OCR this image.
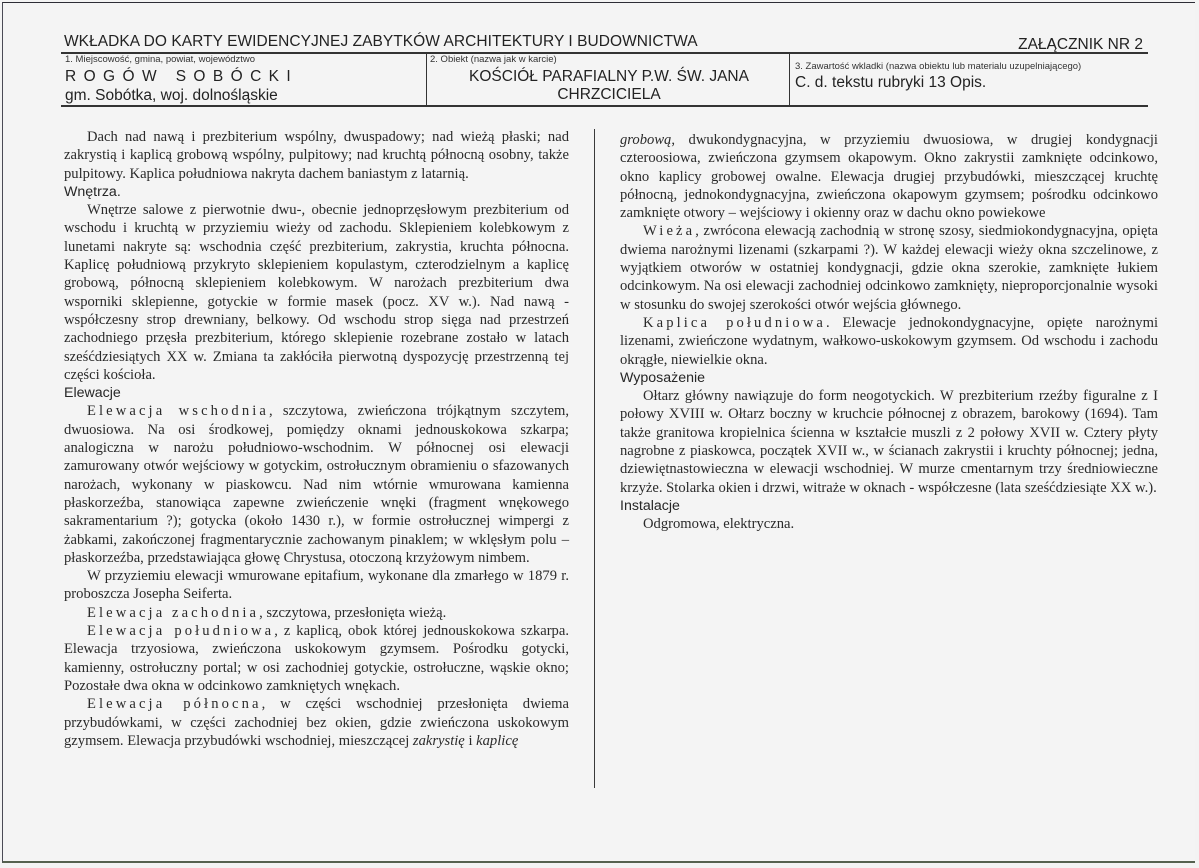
WKŁADKA DO KARTY EWIDENCYJNEJ ZABYTKÓW ARCHITEKTURY I BUDOWNICTWA	ZAŁĄCZNIK NR 2
1. Miejscowość, gmina, powiat, województwo
ROGÓW SOBÓCKI
gm. Sobótka, woj. dolnośląskie
2. Obiekt (nazwa jak w karcie)
KOŚCIÓŁ PARAFIALNY P.W. ŚW. JANA
CHRZCICIELA
3. Zawartość wkladki (nazwa obiektu lub materialu uzupelniającego)
C. d. tekstu rubryki 13 Opis.

Dach nad nawą i prezbiterium wspólny, dwuspadowy; nad wieżą płaski; nad zakrystią i kaplicą grobową wspólny, pulpitowy; nad kruchtą północną osobny, także pulpitowy. Kaplica południowa nakryta dachem baniastym z latarnią.

Wnętrza.

Wnętrze salowe z pierwotnie dwu-, obecnie jednoprzęsłowym prezbiterium od wschodu i kruchtą w przyziemiu wieży od zachodu. Sklepieniem kolebkowym z lunetami nakryte są: wschodnia część prezbiterium, zakrystia, kruchta północna. Kaplicę południową przykryto sklepieniem kopulastym, czterodzielnym a kaplicę grobową, północną sklepieniem kolebkowym. W narożach prezbiterium dwa wsporniki sklepienne, gotyckie w formie masek (pocz. XV w.). Nad nawą - współczesny strop drewniany, belkowy. Od wschodu strop sięga nad przestrzeń zachodniego przęsła prezbiterium, którego sklepienie rozebrane zostało w latach sześćdziesiątych XX w. Zmiana ta zakłóciła pierwotną dyspozycję przestrzenną tej części kościoła.

Elewacje

Elewacja wschodnia, szczytowa, zwieńczona trójkątnym szczytem, dwuosiowa. Na osi środkowej, pomiędzy oknami jednouskokowa szkarpa; analogiczna w narożu południowo-wschodnim. W północnej osi elewacji zamurowany otwór wejściowy w gotyckim, ostrołucznym obramieniu o sfazowanych narożach, wykonany w piaskowcu. Nad nim wtórnie wmurowana kamienna płaskorzeźba, stanowiąca zapewne zwieńczenie wnęki (fragment wnękowego sakramentarium ?); gotycka (około 1430 r.), w formie ostrołucznej wimpergi z żabkami, zakończonej fragmentarycznie zachowanym pinaklem; w wklęsłym polu – płaskorzeźba, przedstawiająca głowę Chrystusa, otoczoną krzyżowym nimbem.

W przyziemiu elewacji wmurowane epitafium, wykonane dla zmarłego w 1879 r. proboszcza Josepha Seiferta.

Elewacja zachodnia, szczytowa, przesłonięta wieżą.

Elewacja południowa, z kaplicą, obok której jednouskokowa szkarpa. Elewacja trzyosiowa, zwieńczona uskokowym gzymsem. Pośrodku gotycki, kamienny, ostrołuczny portal; w osi zachodniej gotyckie, ostrołuczne, wąskie okno; Pozostałe dwa okna w odcinkowo zamkniętych wnękach.

Elewacja północna, w części wschodniej przesłonięta dwiema przybudówkami, w części zachodniej bez okien, gdzie zwieńczona uskokowym gzymsem. Elewacja przybudówki wschodniej, mieszczącej zakrystię i kaplicę

grobową, dwukondygnacyjna, w przyziemiu dwuosiowa, w drugiej kondygnacji czteroosiowa, zwieńczona gzymsem okapowym. Okno zakrystii zamknięte odcinkowo, okno kaplicy grobowej owalne. Elewacja drugiej przybudówki, mieszczącej kruchtę północną, jednokondygnacyjna, zwieńczona okapowym gzymsem; pośrodku odcinkowo zamknięte otwory – wejściowy i okienny oraz w dachu okno powiekowe

Wieża, zwrócona elewacją zachodnią w stronę szosy, siedmiokondygnacyjna, opięta dwiema narożnymi lizenami (szkarpami ?). W każdej elewacji wieży okna szczelinowe, z wyjątkiem otworów w ostatniej kondygnacji, gdzie okna szerokie, zamknięte łukiem odcinkowym. Na osi elewacji zachodniej odcinkowo zamknięty, nieproporcjonalnie wysoki w stosunku do swojej szerokości otwór wejścia głównego.

Kaplica południowa. Elewacje jednokondygnacyjne, opięte narożnymi lizenami, zwieńczone wydatnym, wałkowo-uskokowym gzymsem. Od wschodu i zachodu okrągłe, niewielkie okna.

Wyposażenie

Ołtarz główny nawiązuje do form neogotyckich. W prezbiterium rzeźby figuralne z I połowy XVIII w. Ołtarz boczny w kruchcie północnej z obrazem, barokowy (1694). Tam także granitowa kropielnica ścienna w kształcie muszli z 2 połowy XVII w. Cztery płyty nagrobne z piaskowca, początek XVII w., w ścianach zakrystii i kruchty północnej; jedna, dziewiętnastowieczna w elewacji wschodniej. W murze cmentarnym trzy średniowieczne krzyże. Stolarka okien i drzwi, witraże w oknach - współczesne (lata sześćdziesiąte XX w.).

Instalacje

Odgromowa, elektryczna.
